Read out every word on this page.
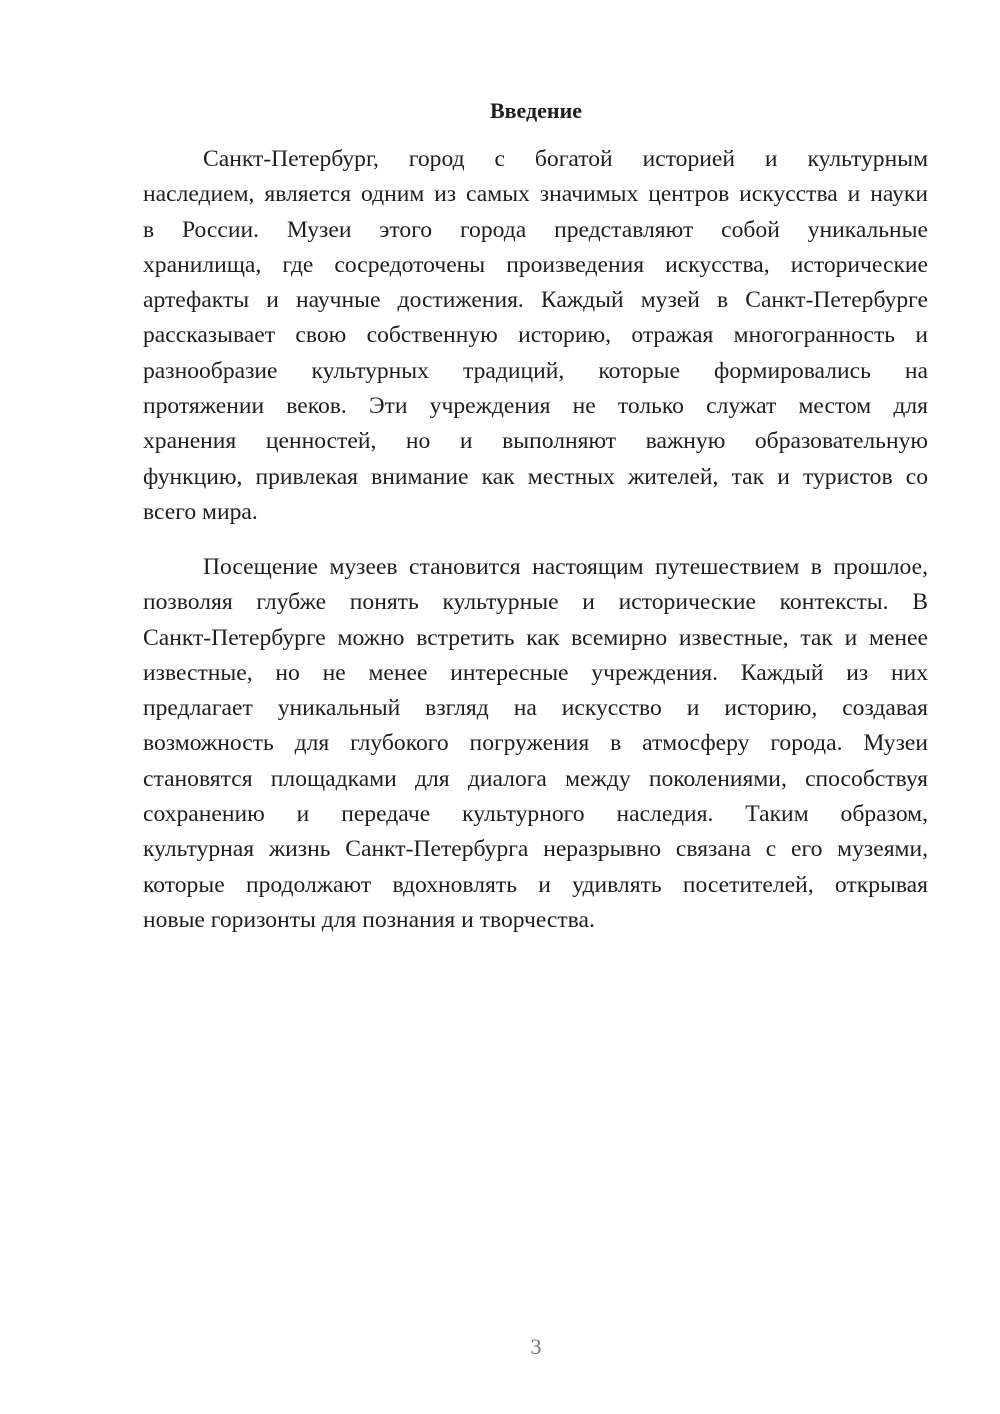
Введение

Санкт-Петербург, город с богатой историей и культурным
наследием, является одним из самых значимых центров искусства и науки
в России. Музеи этого города представляют собой уникальные
хранилища, где сосредоточены произведения искусства, исторические
артефакты и научные достижения. Каждый музей в Санкт-Петербурге
рассказывает свою собственную историю, отражая многогранность и
разнообразие культурных традиций, которые формировались на
протяжении веков. Эти учреждения не только служат местом для
хранения ценностей, но и выполняют важную образовательную
функцию, привлекая внимание как местных жителей, так и туристов со
всего мира.

Посещение музеев становится настоящим путешествием в прошлое,
позволяя глубже понять культурные и исторические контексты. В
Санкт-Петербурге можно встретить как всемирно известные, так и менее
известные, но не менее интересные учреждения. Каждый из них
предлагает уникальный взгляд на искусство и историю, создавая
возможность для глубокого погружения в атмосферу города. Музеи
становятся площадками для диалога между поколениями, способствуя
сохранению и передаче культурного наследия. Таким образом,
культурная жизнь Санкт-Петербурга неразрывно связана с его музеями,
которые продолжают вдохновлять и удивлять посетителей, открывая
новые горизонты для познания и творчества.

3
